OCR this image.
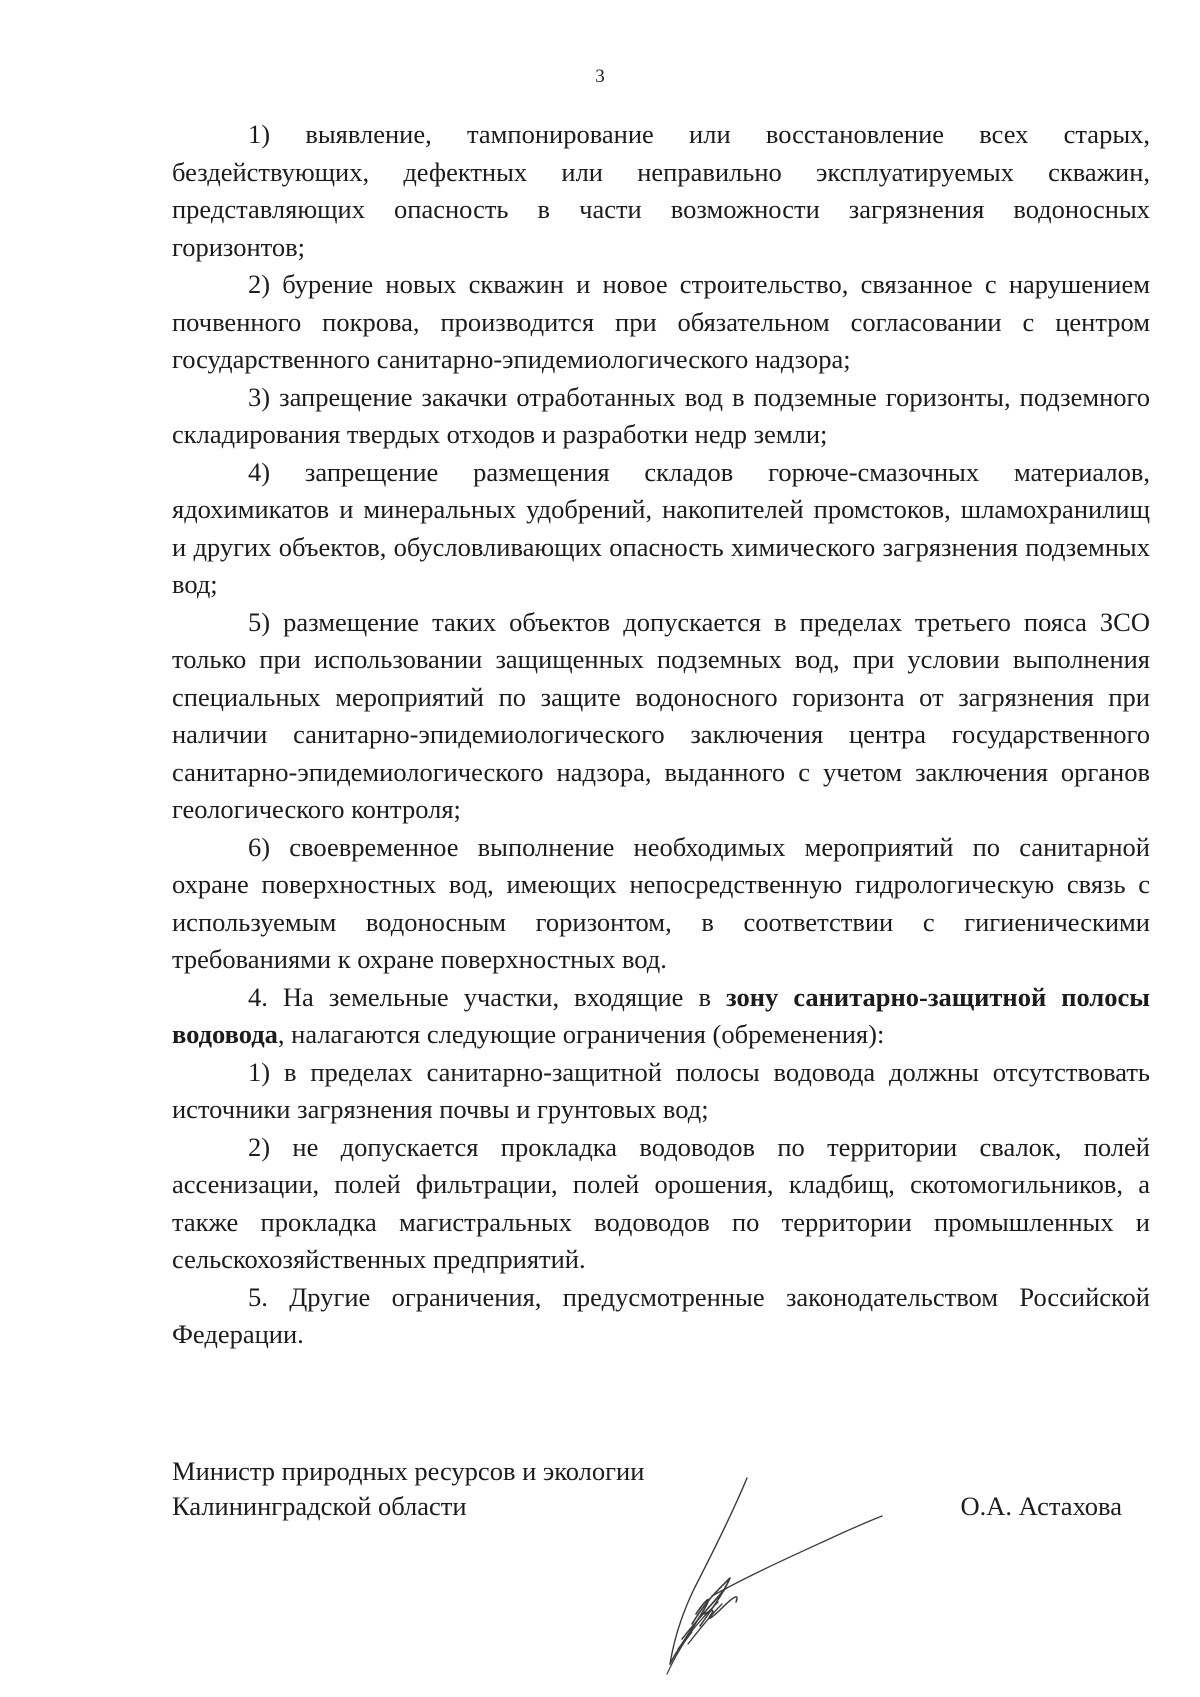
3

1) выявление, тампонирование или восстановление всех старых, бездействующих, дефектных или неправильно эксплуатируемых скважин, представляющих опасность в части возможности загрязнения водоносных горизонтов;

2) бурение новых скважин и новое строительство, связанное с нарушением почвенного покрова, производится при обязательном согласовании с центром государственного санитарно-эпидемиологического надзора;

3) запрещение закачки отработанных вод в подземные горизонты, подземного складирования твердых отходов и разработки недр земли;

4) запрещение размещения складов горюче-смазочных материалов, ядохимикатов и минеральных удобрений, накопителей промстоков, шламохранилищ и других объектов, обусловливающих опасность химического загрязнения подземных вод;

5) размещение таких объектов допускается в пределах третьего пояса ЗСО только при использовании защищенных подземных вод, при условии выполнения специальных мероприятий по защите водоносного горизонта от загрязнения при наличии санитарно-эпидемиологического заключения центра государственного санитарно-эпидемиологического надзора, выданного с учетом заключения органов геологического контроля;

6) своевременное выполнение необходимых мероприятий по санитарной охране поверхностных вод, имеющих непосредственную гидрологическую связь с используемым водоносным горизонтом, в соответствии с гигиеническими требованиями к охране поверхностных вод.

4. На земельные участки, входящие в зону санитарно-защитной полосы водовода, налагаются следующие ограничения (обременения):

1) в пределах санитарно-защитной полосы водовода должны отсутствовать источники загрязнения почвы и грунтовых вод;

2) не допускается прокладка водоводов по территории свалок, полей ассенизации, полей фильтрации, полей орошения, кладбищ, скотомогильников, а также прокладка магистральных водоводов по территории промышленных и сельскохозяйственных предприятий.

5. Другие ограничения, предусмотренные законодательством Российской Федерации.

Министр природных ресурсов и экологии
Калининградской области	О.А. Астахова
